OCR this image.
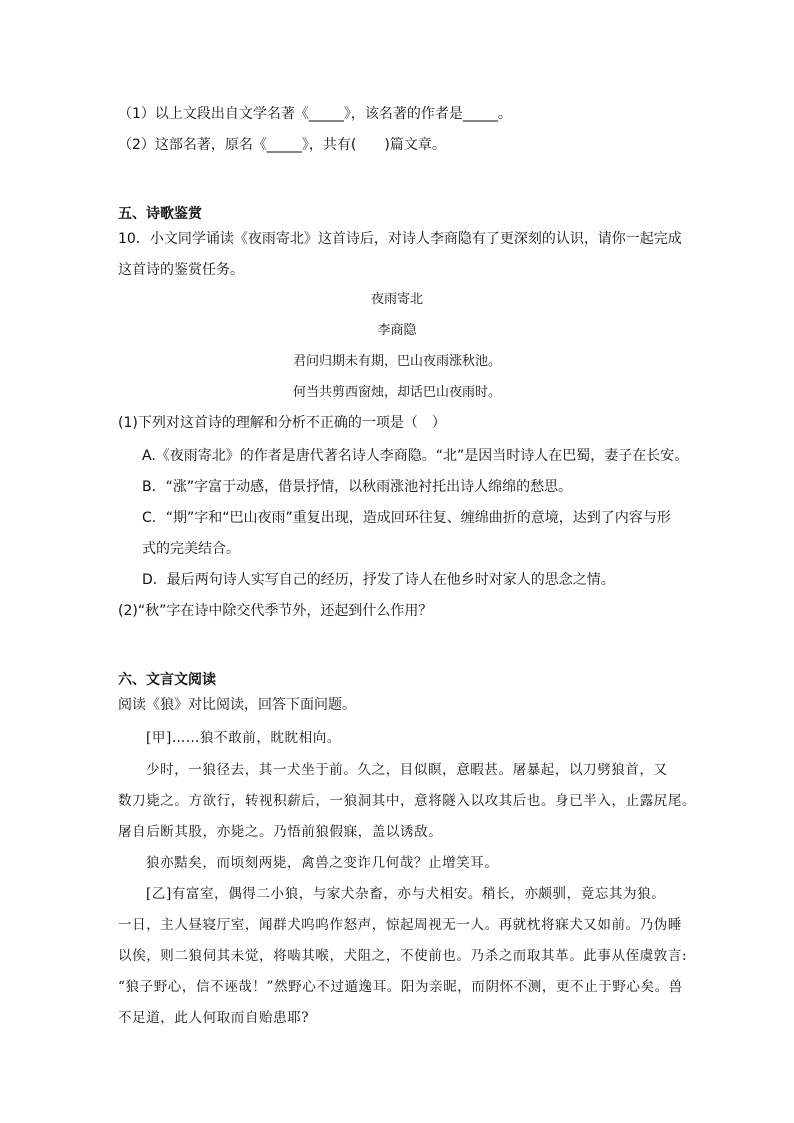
（1）以上文段出自文学名著《_____》，该名著的作者是_____。
（2）这部名著，原名《_____》，共有(　　)篇文章。
五、诗歌鉴赏
10．小文同学诵读《夜雨寄北》这首诗后，对诗人李商隐有了更深刻的认识，请你一起完成
这首诗的鉴赏任务。
夜雨寄北
李商隐
君问归期未有期，巴山夜雨涨秋池。
何当共剪西窗烛，却话巴山夜雨时。
(1)下列对这首诗的理解和分析不正确的一项是（　）
A.《夜雨寄北》的作者是唐代著名诗人李商隐。“北”是因当时诗人在巴蜀，妻子在长安。
B．“涨”字富于动感，借景抒情，以秋雨涨池衬托出诗人绵绵的愁思。
C．“期”字和“巴山夜雨”重复出现，造成回环往复、缠绵曲折的意境，达到了内容与形
式的完美结合。
D．最后两句诗人实写自己的经历，抒发了诗人在他乡时对家人的思念之情。
(2)“秋”字在诗中除交代季节外，还起到什么作用？
六、文言文阅读
阅读《狼》对比阅读，回答下面问题。
[甲]……狼不敢前，眈眈相向。
少时，一狼径去，其一犬坐于前。久之，目似瞑，意暇甚。屠暴起，以刀劈狼首，又
数刀毙之。方欲行，转视积薪后，一狼洞其中，意将隧入以攻其后也。身已半入，止露尻尾。
屠自后断其股，亦毙之。乃悟前狼假寐，盖以诱敌。
狼亦黠矣，而顷刻两毙，禽兽之变诈几何哉？止增笑耳。
[乙]有富室，偶得二小狼，与家犬杂畜，亦与犬相安。稍长，亦颇驯，竟忘其为狼。
一日，主人昼寝厅室，闻群犬呜呜作怒声，惊起周视无一人。再就枕将寐犬又如前。乃伪睡
以俟，则二狼伺其未觉，将啮其喉，犬阻之，不使前也。乃杀之而取其革。此事从侄虞敦言:
“狼子野心，信不诬哉！”然野心不过遁逸耳。阳为亲昵，而阴怀不测，更不止于野心矣。兽
不足道，此人何取而自贻患耶?
